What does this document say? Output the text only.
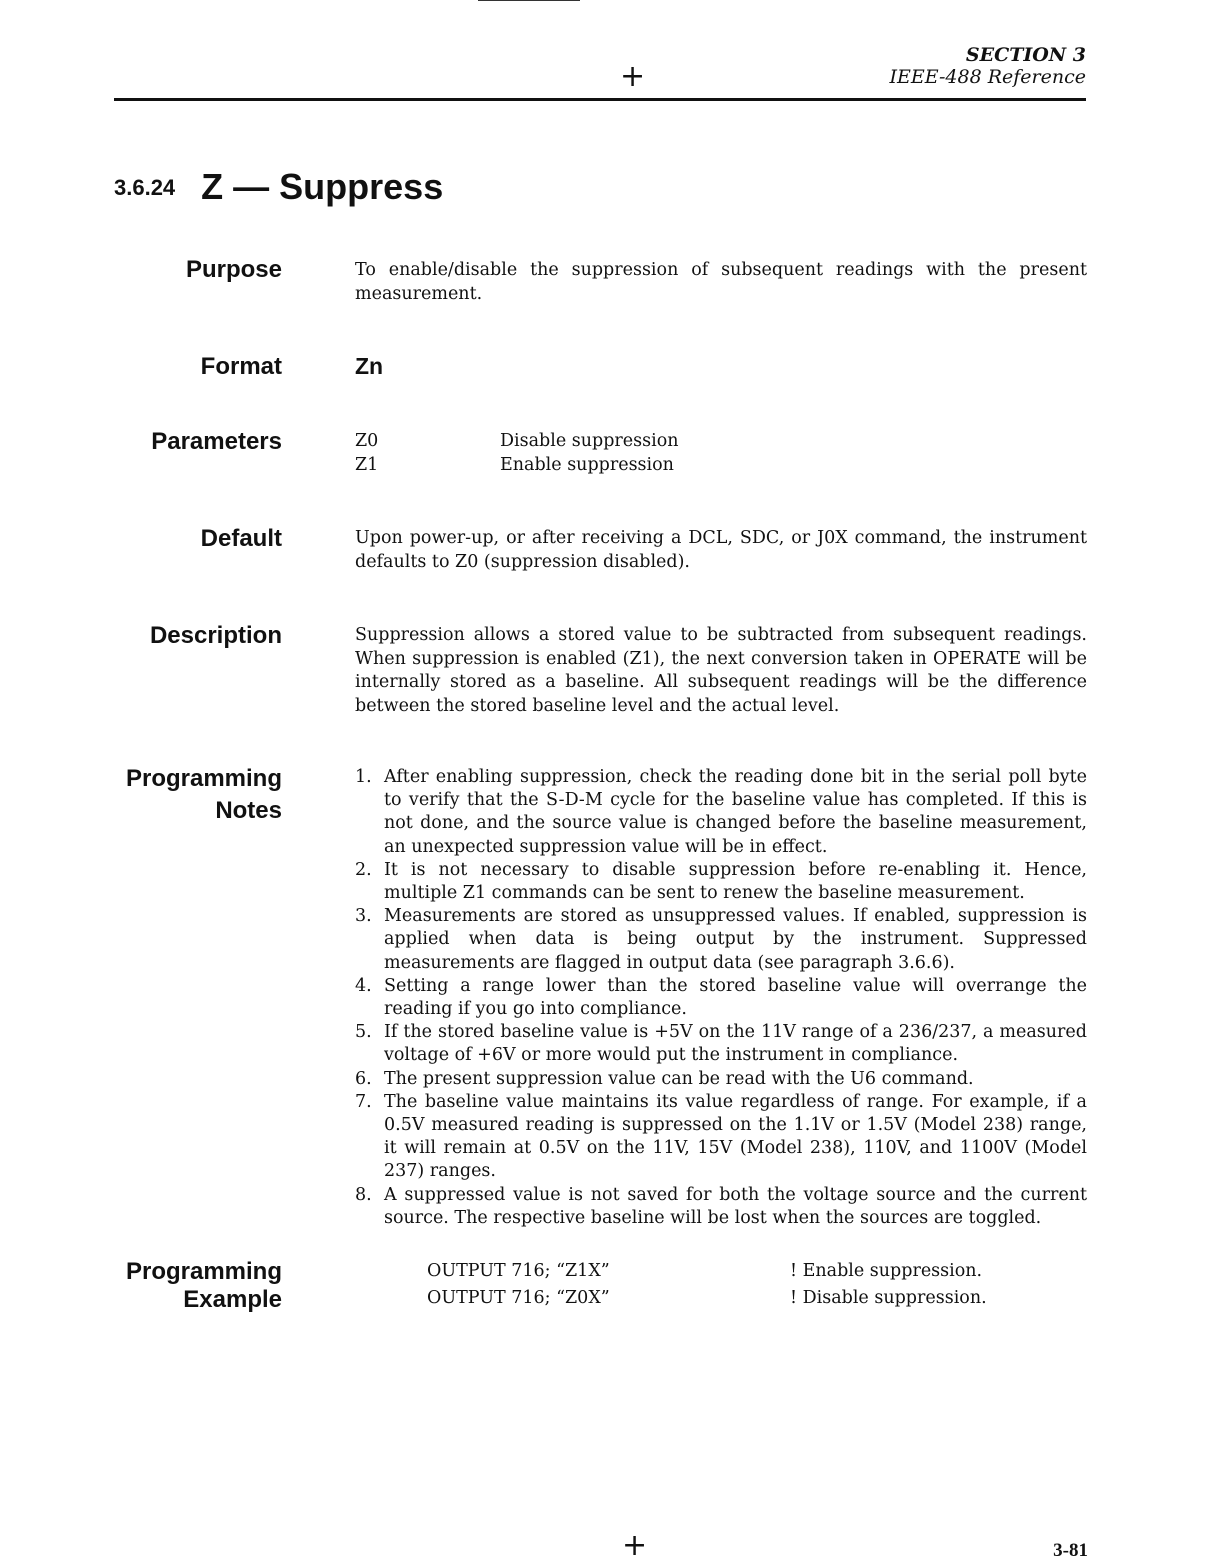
+
SECTION 3
IEEE-488 Reference
3.6.24 Z — Suppress
Purpose	To enable/disable the suppression of subsequent readings with the present measurement.
Format	Zn
Parameters	Z0	Disable suppression
Z1	Enable suppression
Default	Upon power-up, or after receiving a DCL, SDC, or J0X command, the instrument defaults to Z0 (suppression disabled).
Description	Suppression allows a stored value to be subtracted from subsequent readings. When suppression is enabled (Z1), the next conversion taken in OPERATE will be internally stored as a baseline. All subsequent readings will be the difference between the stored baseline level and the actual level.
Programming
Notes
1. After enabling suppression, check the reading done bit in the serial poll byte to verify that the S-D-M cycle for the baseline value has completed. If this is not done, and the source value is changed before the baseline measurement, an unexpected suppression value will be in effect.
2. It is not necessary to disable suppression before re-enabling it. Hence, multiple Z1 commands can be sent to renew the baseline measurement.
3. Measurements are stored as unsuppressed values. If enabled, suppression is applied when data is being output by the instrument. Suppressed measurements are flagged in output data (see paragraph 3.6.6).
4. Setting a range lower than the stored baseline value will overrange the reading if you go into compliance.
5. If the stored baseline value is +5V on the 11V range of a 236/237, a measured voltage of +6V or more would put the instrument in compliance.
6. The present suppression value can be read with the U6 command.
7. The baseline value maintains its value regardless of range. For example, if a 0.5V measured reading is suppressed on the 1.1V or 1.5V (Model 238) range, it will remain at 0.5V on the 11V, 15V (Model 238), 110V, and 1100V (Model 237) ranges.
8. A suppressed value is not saved for both the voltage source and the current source. The respective baseline will be lost when the sources are toggled.
Programming
Example
OUTPUT 716; “Z1X”	! Enable suppression.
OUTPUT 716; “Z0X”	! Disable suppression.
+	3-81
